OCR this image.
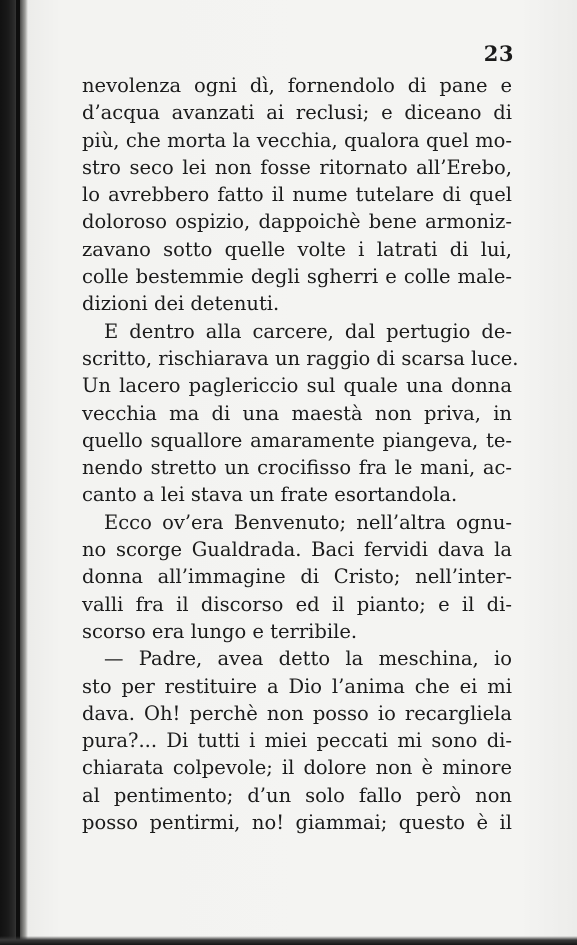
23
nevolenza ogni dì, fornendolo di pane e
d’acqua avanzati ai reclusi; e diceano di
più, che morta la vecchia, qualora quel mo-
stro seco lei non fosse ritornato all’Erebo,
lo avrebbero fatto il nume tutelare di quel
doloroso ospizio, dappoichè bene armoniz-
zavano sotto quelle volte i latrati di lui,
colle bestemmie degli sgherri e colle male-
dizioni dei detenuti.
E dentro alla carcere, dal pertugio de-
scritto, rischiarava un raggio di scarsa luce.
Un lacero paglericcio sul quale una donna
vecchia ma di una maestà non priva, in
quello squallore amaramente piangeva, te-
nendo stretto un crocifisso fra le mani, ac-
canto a lei stava un frate esortandola.
Ecco ov’era Benvenuto; nell’altra ognu-
no scorge Gualdrada. Baci fervidi dava la
donna all’immagine di Cristo; nell’inter-
valli fra il discorso ed il pianto; e il di-
scorso era lungo e terribile.
— Padre, avea detto la meschina, io
sto per restituire a Dio l’anima che ei mi
dava. Oh! perchè non posso io recargliela
pura?... Di tutti i miei peccati mi sono di-
chiarata colpevole; il dolore non è minore
al pentimento; d’un solo fallo però non
posso pentirmi, no! giammai; questo è il
